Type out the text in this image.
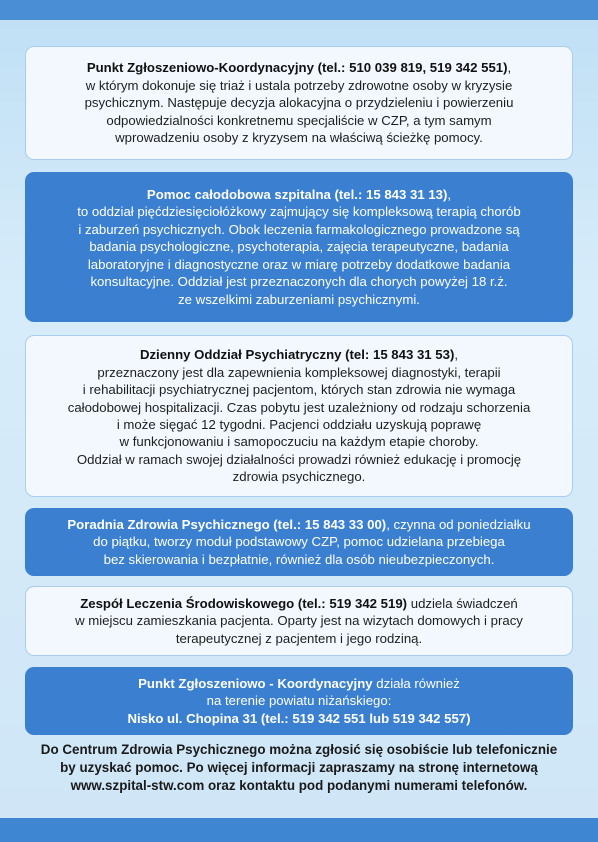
Punkt Zgłoszeniowo-Koordynacyjny (tel.: 510 039 819, 519 342 551),
w którym dokonuje się triaż i ustala potrzeby zdrowotne osoby w kryzysie
psychicznym. Następuje decyzja alokacyjna o przydzieleniu i powierzeniu
odpowiedzialności konkretnemu specjaliście w CZP, a tym samym
wprowadzeniu osoby z kryzysem na właściwą ścieżkę pomocy.
Pomoc całodobowa szpitalna (tel.: 15 843 31 13),
to oddział pięćdziesięciołóżkowy zajmujący się kompleksową terapią chorób
i zaburzeń psychicznych. Obok leczenia farmakologicznego prowadzone są
badania psychologiczne, psychoterapia, zajęcia terapeutyczne, badania
laboratoryjne i diagnostyczne oraz w miarę potrzeby dodatkowe badania
konsultacyjne. Oddział jest przeznaczonych dla chorych powyżej 18 r.ż.
ze wszelkimi zaburzeniami psychicznymi.
Dzienny Oddział Psychiatryczny (tel: 15 843 31 53),
przeznaczony jest dla zapewnienia kompleksowej diagnostyki, terapii
i rehabilitacji psychiatrycznej pacjentom, których stan zdrowia nie wymaga
całodobowej hospitalizacji. Czas pobytu jest uzależniony od rodzaju schorzenia
i może sięgać 12 tygodni. Pacjenci oddziału uzyskują poprawę
w funkcjonowaniu i samopoczuciu na każdym etapie choroby.
Oddział w ramach swojej działalności prowadzi również edukację i promocję
zdrowia psychicznego.
Poradnia Zdrowia Psychicznego (tel.: 15 843 33 00), czynna od poniedziałku
do piątku, tworzy moduł podstawowy CZP, pomoc udzielana przebiega
bez skierowania i bezpłatnie, również dla osób nieubezpieczonych.
Zespół Leczenia Środowiskowego (tel.: 519 342 519) udziela świadczeń
w miejscu zamieszkania pacjenta. Oparty jest na wizytach domowych i pracy
terapeutycznej z pacjentem i jego rodziną.
Punkt Zgłoszeniowo - Koordynacyjny działa również
na terenie powiatu niżańskiego:
Nisko ul. Chopina 31 (tel.: 519 342 551 lub 519 342 557)
Do Centrum Zdrowia Psychicznego można zgłosić się osobiście lub telefonicznie
by uzyskać pomoc. Po więcej informacji zapraszamy na stronę internetową
www.szpital-stw.com oraz kontaktu pod podanymi numerami telefonów.
